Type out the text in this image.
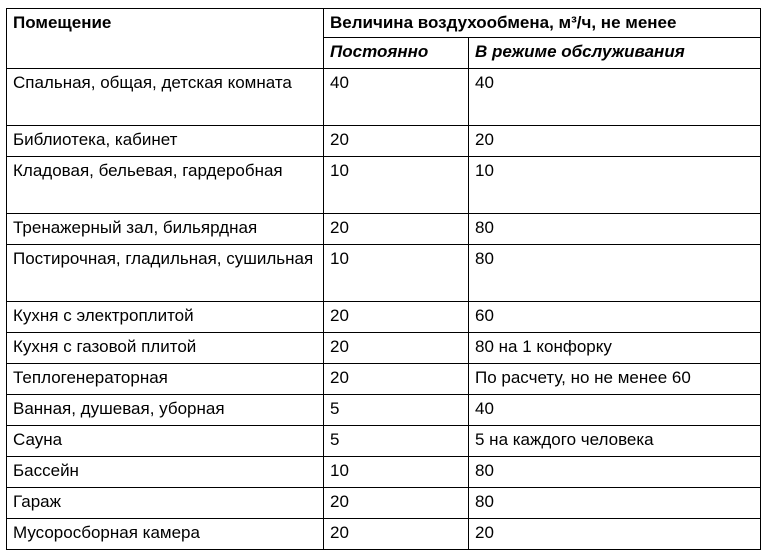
Помещение	Величина воздухообмена, м³/ч, не менее	
	Постоянно	В режиме обслуживания
Спальная, общая, детская комната	40	40
Библиотека, кабинет	20	20
Кладовая, бельевая, гардеробная	10	10
Тренажерный зал, бильярдная	20	80
Постирочная, гладильная, сушильная	10	80
Кухня с электроплитой	20	60
Кухня с газовой плитой	20	80 на 1 конфорку
Теплогенераторная	20	По расчету, но не менее 60
Ванная, душевая, уборная	5	40
Сауна	5	5 на каждого человека
Бассейн	10	80
Гараж	20	80
Мусоросборная камера	20	20
